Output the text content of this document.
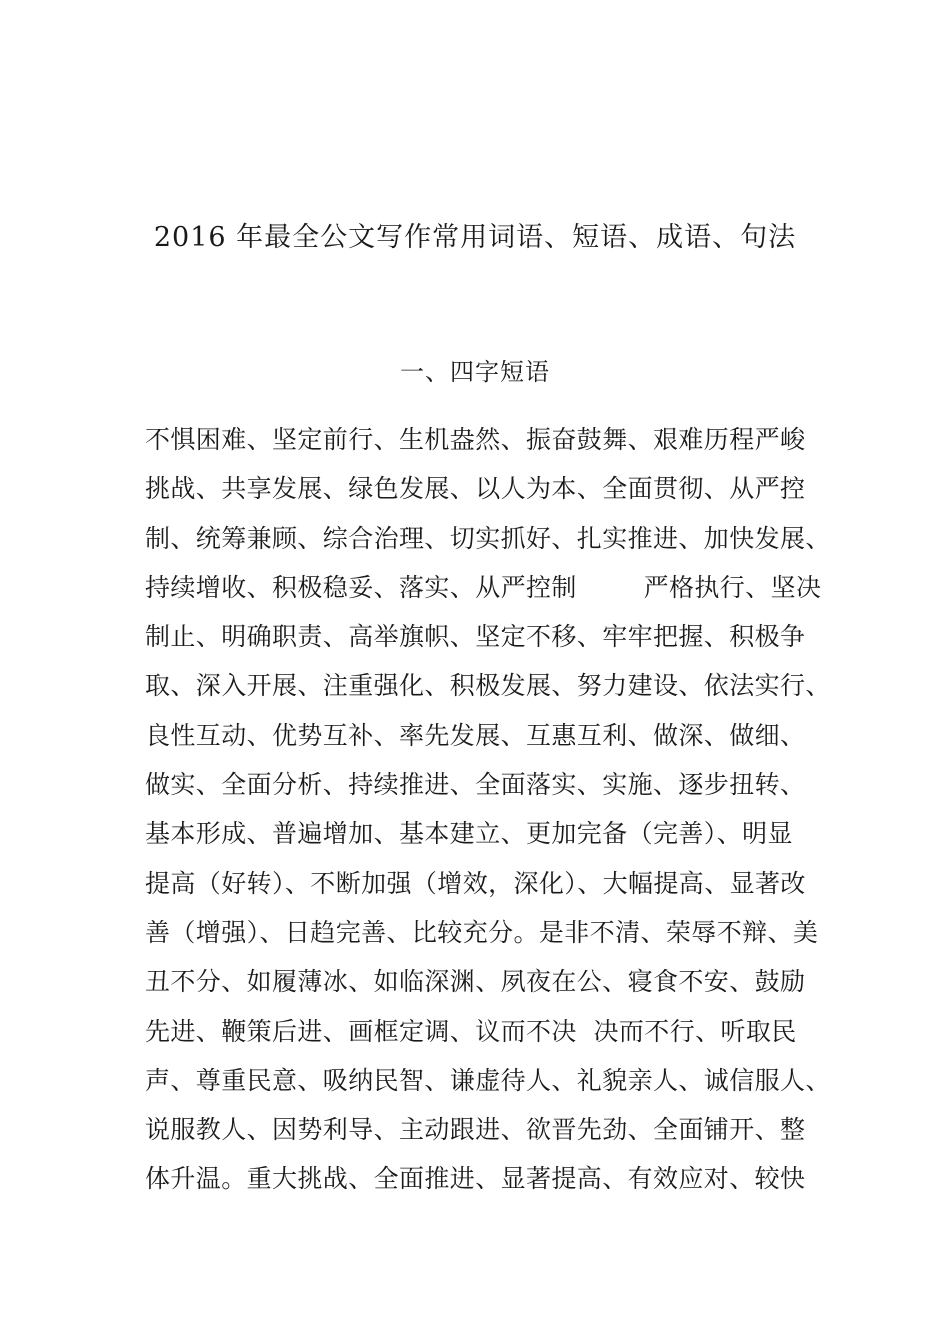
2016 年最全公文写作常用词语、短语、成语、句法
一、四字短语
不惧困难、坚定前行、生机盎然、振奋鼓舞、艰难历程严峻
挑战、共享发展、绿色发展、以人为本、全面贯彻、从严控
制、统筹兼顾、综合治理、切实抓好、扎实推进、加快发展、
持续增收、积极稳妥、落实、从严控制        严格执行、坚决
制止、明确职责、高举旗帜、坚定不移、牢牢把握、积极争
取、深入开展、注重强化、积极发展、努力建设、依法实行、
良性互动、优势互补、率先发展、互惠互利、做深、做细、
做实、全面分析、持续推进、全面落实、实施、逐步扭转、
基本形成、普遍增加、基本建立、更加完备（完善）、明显
提高（好转）、不断加强（增效，深化）、大幅提高、显著改
善（增强）、日趋完善、比较充分。是非不清、荣辱不辩、美
丑不分、如履薄冰、如临深渊、夙夜在公、寝食不安、鼓励
先进、鞭策后进、画框定调、议而不决  决而不行、听取民
声、尊重民意、吸纳民智、谦虚待人、礼貌亲人、诚信服人、
说服教人、因势利导、主动跟进、欲晋先劲、全面铺开、整
体升温。重大挑战、全面推进、显著提高、有效应对、较快
